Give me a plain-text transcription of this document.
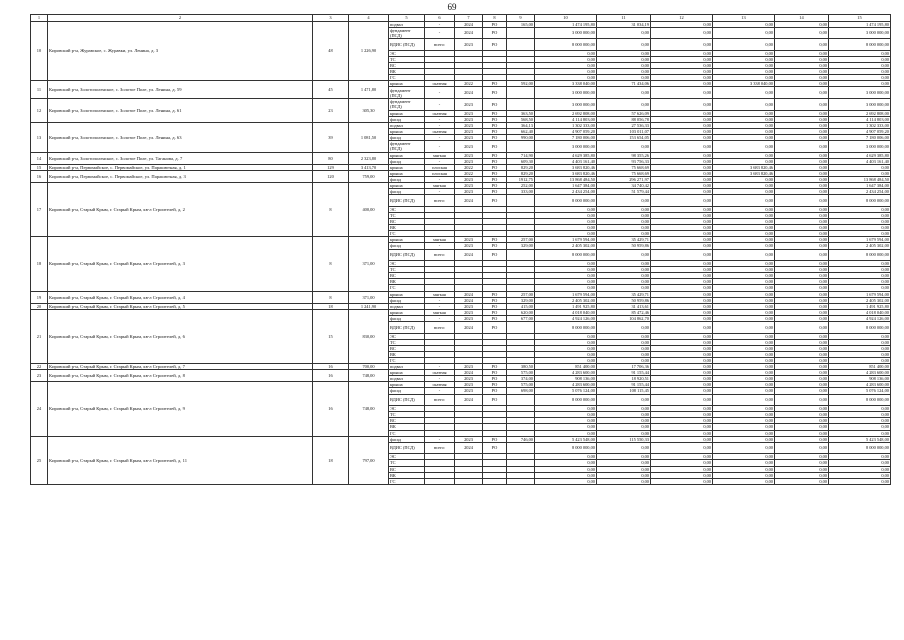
69
1	2	3	4	5	6	7	8	9	10	11	12	13	14	15
10	Кировский р-н, Журавское, с. Журавки, ул. Ленина, д. 3	48	1 226,90	подвал	-	2024	РО	165,00	1 474 195,80	31 034,19	0,00	0,00	0,00	1 474 195,80
				фундамент (ПСД)	-	2024	РО		3 000 000,00	0,00	0,00	0,00	0,00	3 000 000,00
				ВДИС (ПСД)	всего:	2023	РО		8 000 000,00	0,00	0,00	0,00	0,00	8 000 000,00
				ЭС					0,00	0,00	0,00	0,00	0,00	0,00
				ТС					0,00	0,00	0,00	0,00	0,00	0,00
				ВС					0,00	0,00	0,00	0,00	0,00	0,00
				ВК					0,00	0,00	0,00	0,00	0,00	0,00
				ГС					0,00	0,00	0,00	0,00	0,00	0,00
11	Кировский р-н, Золотополенское, с. Золотое Поле, ул. Ленина, д. 59	45	1 471,80	крыша	скатная	2022	РО	592,00	3 338 040,00	71 434,06	0,00	3 338 040,00	0,00	0,00
				фундамент (ПСД)	-	2024	РО		3 000 000,00	0,00	0,00	0,00	0,00	3 000 000,00
12	Кировский р-н, Золотополенское, с. Золотое Поле, ул. Ленина, д. 61	23	305,30	фундамент (ПСД)	-	2023	РО		3 000 000,00	0,00	0,00	0,00	0,00	3 000 000,00
				крыша	скатная	2023	РО	363,50	2 692 808,00	57 626,09	0,00	0,00	0,00	2 692 808,00
				фасад	-	2023	РО	568,50	4 114 803,00	88 056,78	0,00	0,00	0,00	4 114 803,00
13	Кировский р-н, Золотополенское, с. Золотое Поле, ул. Ленина, д. 63	39	1 081,50	подвал	-	2023	РО	364,13	1 302 333,00	27 536,33	0,00	0,00	0,00	1 302 333,00
				крыша	скатная	2023	РО	662,40	4 907 059,20	103 011,07	0,00	0,00	0,00	4 907 059,20
				фасад	-	2023	РО	990,00	7 180 006,00	153 654,05	0,00	0,00	0,00	7 180 006,00
				фундамент (ПСД)	-	2023	РО		3 000 000,00	0,00	0,00	0,00	0,00	3 000 000,00
14	Кировский р-н, Золотополенское, с. Золотое Поле, ул. Таганова, д. 7	80	2 323,80	крыша	мягкая	2023	РО	714,90	4 629 385,80	98 355,26	0,00	0,00	0,00	4 629 385,80
				фасад	-	2023	РО	609,30	4 403 161,40	93 756,33	0,00	0,00	0,00	4 403 161,40
15	Кировский р-н, Первомайское, с. Первомайское, ул. Парашютная, д. 1	129	3 413,70	крыша	плоская	2022	РО	829,20	3 683 820,46	75 668,69	0,00	3 683 820,46	0,00	0,00
16	Кировский р-н, Первомайское, с. Первомайское, ул. Парашютная, д. 3	120	759,00	крыша	плоская	2022	РО	829,20	3 683 820,46	75 668,69	0,00	3 683 820,46	0,00	0,00
				фасад	-	2023	РО	1912,75	13 868 484,50	296 271,97	0,00	0,00	0,00	13 868 484,50
17	Кировский р-н, Старый Крым, г. Старый Крым, кв-л Строителей, д. 2	8	400,00	крыша	мягкая	2023	РО	252,00	1 647 384,00	34 740,42	0,00	0,00	0,00	1 647 384,00
				фасад	-	2023	РО	333,00	2 434 254,00	51 579,44	0,00	0,00	0,00	2 434 254,00
				ВДИС (ПСД)	всего:	2024	РО		8 000 000,00	0,00	0,00	0,00	0,00	8 000 000,00
				ЭС					0,00	0,00	0,00	0,00	0,00	0,00
				ТС					0,00	0,00	0,00	0,00	0,00	0,00
				ВС					0,00	0,00	0,00	0,00	0,00	0,00
				ВК					0,00	0,00	0,00	0,00	0,00	0,00
				ГС					0,00	0,00	0,00	0,00	0,00	0,00
18	Кировский р-н, Старый Крым, г. Старый Крым, кв-л Строителей, д. 3	8	371,00	крыша	мягкая	2023	РО	257,00	1 679 594,00	35 429,71	0,00	0,00	0,00	1 679 594,00
				фасад	-	2023	РО	329,00	2 405 302,00	50 959,86	0,00	0,00	0,00	2 405 302,00
				ВДИС (ПСД)	всего:	2024	РО		8 000 000,00	0,00	0,00	0,00	0,00	8 000 000,00
				ЭС					0,00	0,00	0,00	0,00	0,00	0,00
				ТС					0,00	0,00	0,00	0,00	0,00	0,00
				ВС					0,00	0,00	0,00	0,00	0,00	0,00
				ВК					0,00	0,00	0,00	0,00	0,00	0,00
				ГС					0,00	0,00	0,00	0,00	0,00	0,00
19	Кировский р-н, Старый Крым, г. Старый Крым, кв-л Строителей, д. 4	8	371,00	крыша	мягкая	2024	РО	257,00	1 679 594,00	35 429,71	0,00	0,00	0,00	1 679 594,00
				фасад	-	2024	РО	329,00	2 405 302,00	50 959,86	0,00	0,00	0,00	2 405 302,00
20	Кировский р-н, Старый Крым, г. Старый Крым, кв-л Строителей, д. 5	18	1 241,90	подвал	-	2023	РО	415,00	1 491 925,80	31 413,61	0,00	0,00	0,00	1 491 925,80
21	Кировский р-н, Старый Крым, г. Старый Крым, кв-л Строителей, д. 6	15	830,00	крыша	мягкая	2023	РО	620,00	4 018 040,00	85 472,46	0,00	0,00	0,00	4 018 040,00
				фасад	-	2023	РО	677,00	4 924 126,00	104 862,70	0,00	0,00	0,00	4 924 126,00
				ВДИС (ПСД)	всего:	2024	РО		8 000 000,00	0,00	0,00	0,00	0,00	8 000 000,00
				ЭС					0,00	0,00	0,00	0,00	0,00	0,00
				ТС					0,00	0,00	0,00	0,00	0,00	0,00
				ВС					0,00	0,00	0,00	0,00	0,00	0,00
				ВК					0,00	0,00	0,00	0,00	0,00	0,00
				ГС					0,00	0,00	0,00	0,00	0,00	0,00
22	Кировский р-н, Старый Крым, г. Старый Крым, кв-л Строителей, д. 7	16	700,00	подвал	-	2023	РО	380,50	851 400,00	17 706,36	0,00	0,00	0,00	851 400,00
23	Кировский р-н, Старый Крым, г. Старый Крым, кв-л Строителей, д. 8	16	748,00	крыша	скатная	2024	РО	575,00	4 283 600,00	91 155,44	0,00	0,00	0,00	4 283 600,00
				подвал	-	2023	РО	374,00	908 136,00	18 920,51	0,00	0,00	0,00	908 136,00
24	Кировский р-н, Старый Крым, г. Старый Крым, кв-л Строителей, д. 9	16	748,00	крыша	скатная	2023	РО	575,00	4 283 600,00	91 155,44	0,00	0,00	0,00	4 283 600,00
				фасад	-	2023	РО	698,00	5 076 124,00	108 115,45	0,00	0,00	0,00	5 076 124,00
				ВДИС (ПСД)	всего:	2024	РО		8 000 000,00	0,00	0,00	0,00	0,00	8 000 000,00
				ЭС					0,00	0,00	0,00	0,00	0,00	0,00
				ТС					0,00	0,00	0,00	0,00	0,00	0,00
				ВС					0,00	0,00	0,00	0,00	0,00	0,00
				ВК					0,00	0,00	0,00	0,00	0,00	0,00
				ГС					0,00	0,00	0,00	0,00	0,00	0,00
25	Кировский р-н, Старый Крым, г. Старый Крым, кв-л Строителей, д. 11	18	797,00	фасад	-	2023	РО	746,00	5 423 548,00	115 550,33	0,00	0,00	0,00	5 423 548,00
				ВДИС (ПСД)	всего:	2024	РО		8 000 000,00	0,00	0,00	0,00	0,00	8 000 000,00
				ЭС					0,00	0,00	0,00	0,00	0,00	0,00
				ТС					0,00	0,00	0,00	0,00	0,00	0,00
				ВС					0,00	0,00	0,00	0,00	0,00	0,00
				ВК					0,00	0,00	0,00	0,00	0,00	0,00
				ГС					0,00	0,00	0,00	0,00	0,00	0,00
